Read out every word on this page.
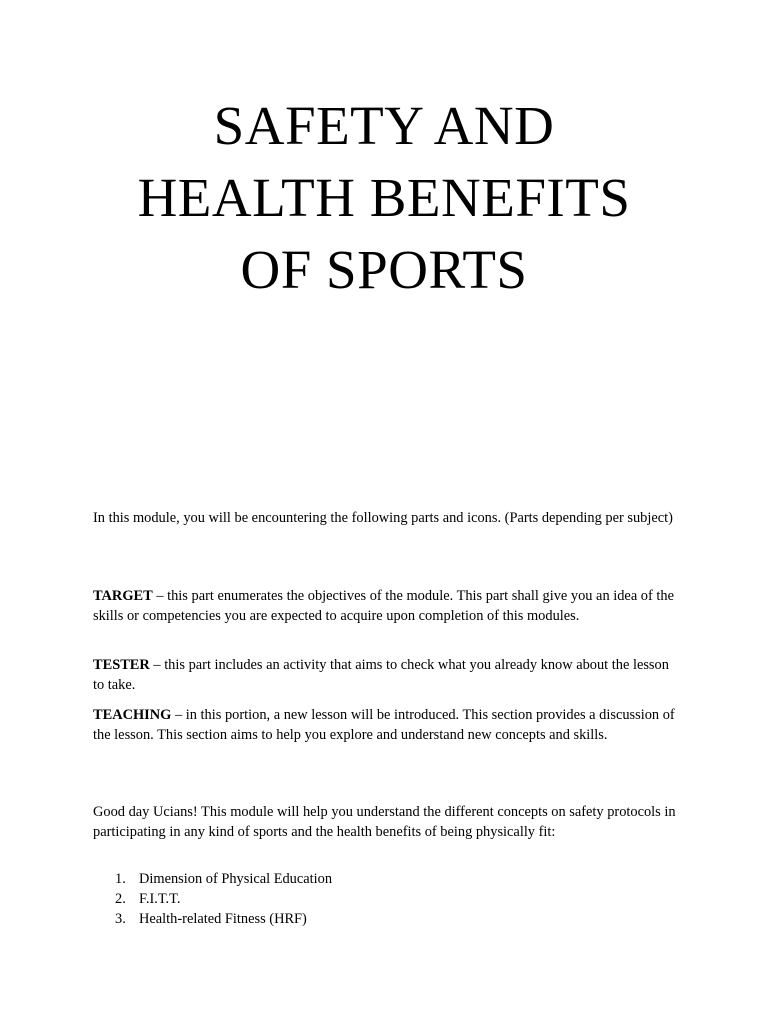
SAFETY AND
HEALTH BENEFITS
OF SPORTS

In this module, you will be encountering the following parts and icons. (Parts depending per subject)

TARGET – this part enumerates the objectives of the module. This part shall give you an idea of the skills or competencies you are expected to acquire upon completion of this modules.

TESTER – this part includes an activity that aims to check what you already know about the lesson to take.

TEACHING – in this portion, a new lesson will be introduced. This section provides a discussion of the lesson. This section aims to help you explore and understand new concepts and skills.

Good day Ucians! This module will help you understand the different concepts on safety protocols in participating in any kind of sports and the health benefits of being physically fit:

1. Dimension of Physical Education
2. F.I.T.T.
3. Health-related Fitness (HRF)
